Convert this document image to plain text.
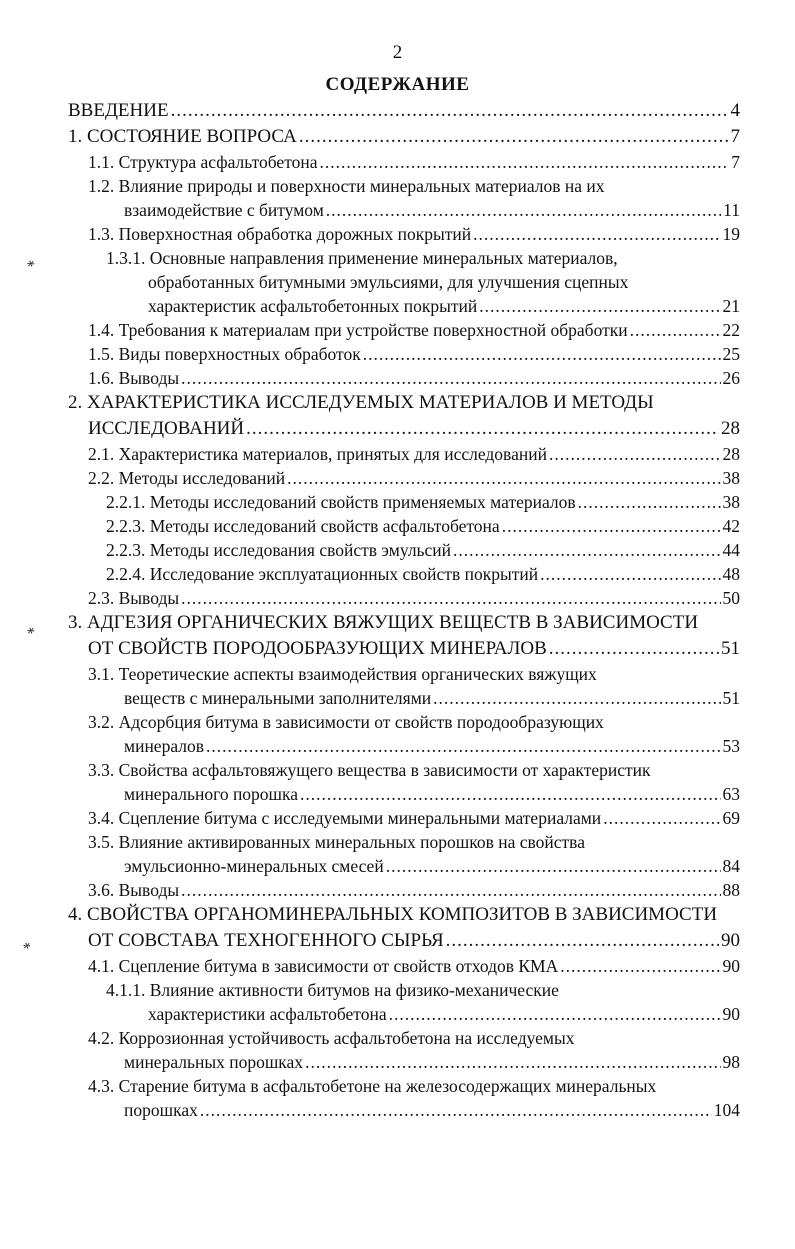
2
СОДЕРЖАНИЕ
ВВЕДЕНИЕ .....	4
1. СОСТОЯНИЕ ВОПРОСА .....	7
1.1. Структура асфальтобетона .....	7
1.2. Влияние природы и поверхности минеральных материалов на их
взаимодействие с битумом .....	11
1.3. Поверхностная обработка дорожных покрытий .....	19
1.3.1. Основные направления применение минеральных материалов,
обработанных битумными эмульсиями, для улучшения сцепных
характеристик асфальтобетонных покрытий .....	21
1.4. Требования к материалам при устройстве поверхностной обработки .....	22
1.5. Виды поверхностных обработок .....	25
1.6. Выводы .....	26
2. ХАРАКТЕРИСТИКА ИССЛЕДУЕМЫХ МАТЕРИАЛОВ И МЕТОДЫ
ИССЛЕДОВАНИЙ .....	28
2.1. Характеристика материалов, принятых для исследований .....	28
2.2. Методы исследований .....	38
2.2.1. Методы исследований свойств применяемых материалов .....	38
2.2.3. Методы исследований свойств асфальтобетона .....	42
2.2.3. Методы исследования свойств эмульсий .....	44
2.2.4. Исследование эксплуатационных свойств покрытий .....	48
2.3. Выводы .....	50
3. АДГЕЗИЯ ОРГАНИЧЕСКИХ ВЯЖУЩИХ ВЕЩЕСТВ В ЗАВИСИМОСТИ
ОТ СВОЙСТВ ПОРОДООБРАЗУЮЩИХ МИНЕРАЛОВ .....	51
3.1. Теоретические аспекты взаимодействия органических вяжущих
веществ с минеральными заполнителями .....	51
3.2. Адсорбция битума в зависимости от свойств породообразующих
минералов .....	53
3.3. Свойства асфальтовяжущего вещества в зависимости от характеристик
минерального порошка .....	63
3.4. Сцепление битума с исследуемыми минеральными материалами .....	69
3.5. Влияние активированных минеральных порошков на свойства
эмульсионно-минеральных смесей .....	84
3.6. Выводы .....	88
4. СВОЙСТВА ОРГАНОМИНЕРАЛЬНЫХ КОМПОЗИТОВ В ЗАВИСИМОСТИ
ОТ СОВСТАВА ТЕХНОГЕННОГО СЫРЬЯ .....	90
4.1. Сцепление битума в зависимости от свойств отходов КМА .....	90
4.1.1. Влияние активности битумов на физико-механические
характеристики асфальтобетона .....	90
4.2. Коррозионная устойчивость асфальтобетона на исследуемых
минеральных порошках .....	98
4.3. Старение битума в асфальтобетоне на железосодержащих минеральных
порошках .....	104
*
*
*
